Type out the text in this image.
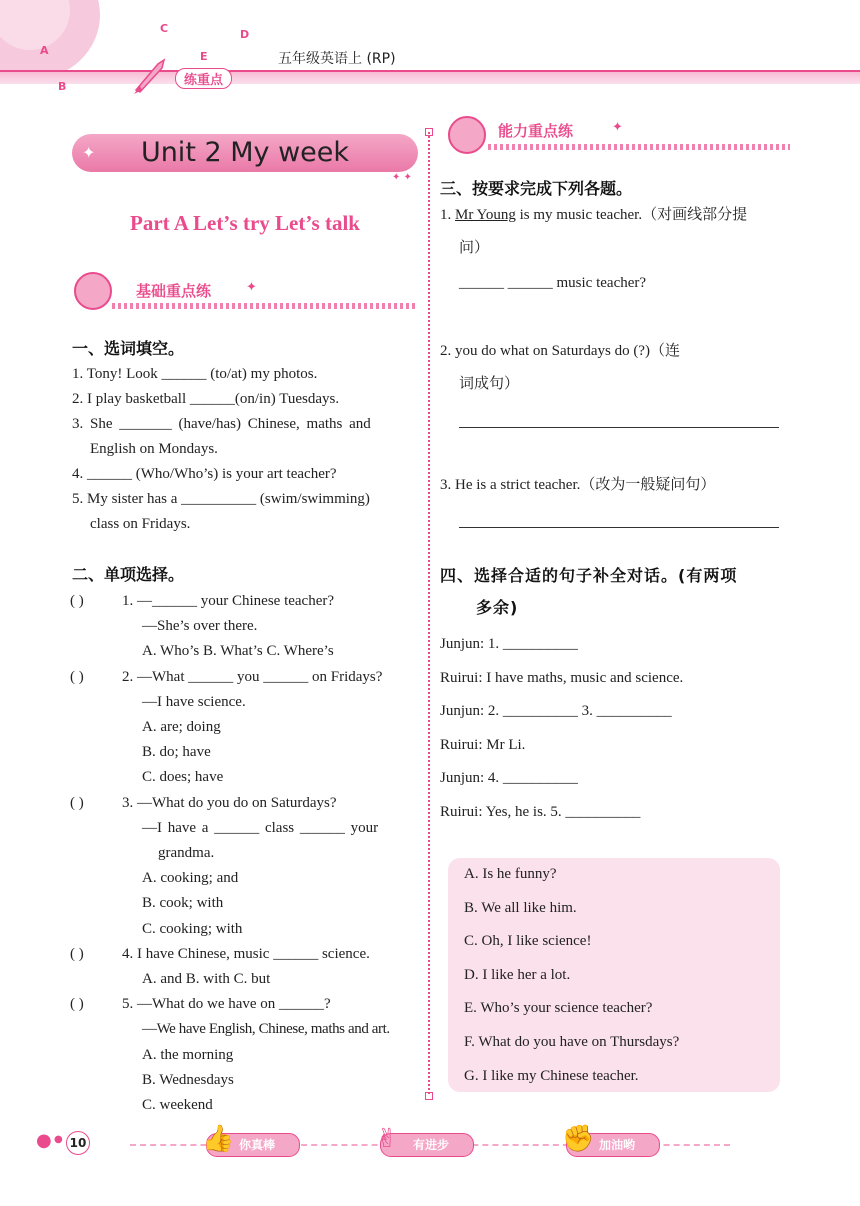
A
B
C	D
E
练重点
五年级英语上 (RP)
Unit 2 My week
✦
✦ ✦
Part A Let’s try Let’s talk
基础重点练	✦
一、选词填空。
1. Tony! Look ______ (to/at) my photos.
2. I play basketball ______(on/in) Tuesdays.
3. She _______ (have/has) Chinese, maths and
English on Mondays.
4. ______ (Who/Who’s) is your art teacher?
5. My sister has a __________ (swim/swimming)
class on Fridays.
二、单项选择。
( )	1. —______ your Chinese teacher?
—She’s over there.
A. Who’s B. What’s C. Where’s
( )	2. —What ______ you ______ on Fridays?
—I have science.
A. are; doing
B. do; have
C. does; have
( )	3. —What do you do on Saturdays?
—I have a ______ class ______ your
grandma.
A. cooking; and
B. cook; with
C. cooking; with
( )	4. I have Chinese, music ______ science.
A. and B. with C. but
( )	5. —What do we have on ______?
—We have English, Chinese, maths and art.
A. the morning
B. Wednesdays
C. weekend
能力重点练	✦
三、按要求完成下列各题。
1. Mr Young is my music teacher.（对画线部分提
问）
______ ______ music teacher?
2. you do what on Saturdays do (?)（连
词成句）
3. He is a strict teacher.（改为一般疑问句）
四、选择合适的句子补全对话。(有两项
多余)
Junjun: 1. __________
Ruirui: I have maths, music and science.
Junjun: 2. __________ 3. __________
Ruirui: Mr Li.
Junjun: 4. __________
Ruirui: Yes, he is. 5. __________
A. Is he funny?
B. We all like him.
C. Oh, I like science!
D. I like her a lot.
E. Who’s your science teacher?
F. What do you have on Thursdays?
G. I like my Chinese teacher.
● ● 10	你真棒	有进步	加油哟
👍	✌	✊
